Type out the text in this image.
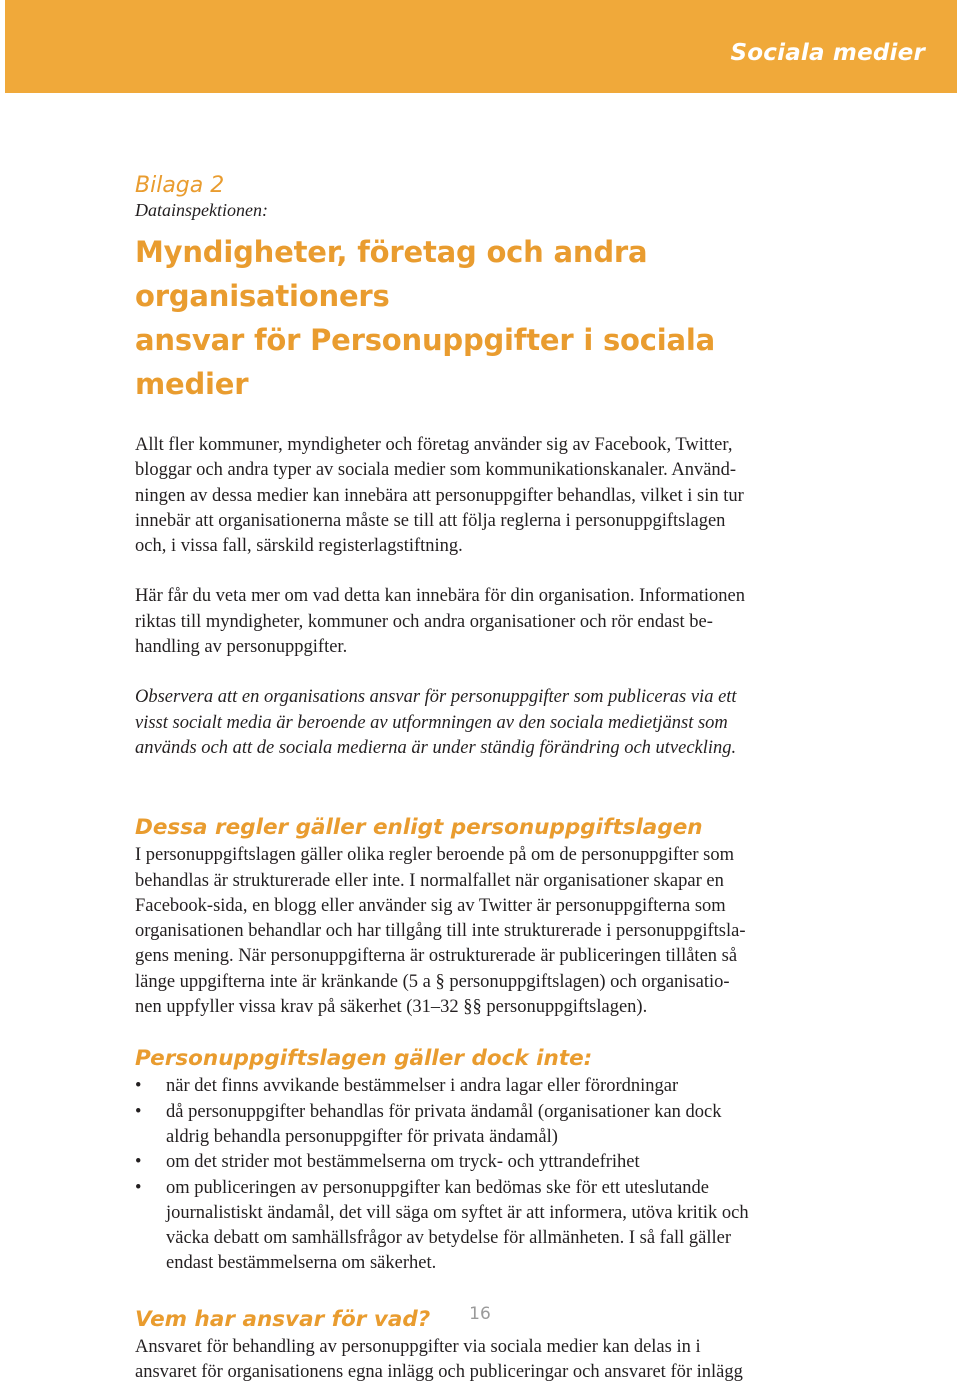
Sociala medier

Bilaga 2

Datainspektionen:

Myndigheter, företag och andra organisationers
ansvar för Personuppgifter i sociala medier

Allt fler kommuner, myndigheter och företag använder sig av Facebook, Twitter,
bloggar och andra typer av sociala medier som kommunikationskanaler. Använd-
ningen av dessa medier kan innebära att personuppgifter behandlas, vilket i sin tur
innebär att organisationerna måste se till att följa reglerna i personuppgiftslagen
och, i vissa fall, särskild registerlagstiftning.

Här får du veta mer om vad detta kan innebära för din organisation. Informationen
riktas till myndigheter, kommuner och andra organisationer och rör endast be-
handling av personuppgifter.

Observera att en organisations ansvar för personuppgifter som publiceras via ett
visst socialt media är beroende av utformningen av den sociala medietjänst som
används och att de sociala medierna är under ständig förändring och utveckling.

Dessa regler gäller enligt personuppgiftslagen

I personuppgiftslagen gäller olika regler beroende på om de personuppgifter som
behandlas är strukturerade eller inte. I normalfallet när organisationer skapar en
Facebook-sida, en blogg eller använder sig av Twitter är personuppgifterna som
organisationen behandlar och har tillgång till inte strukturerade i personuppgiftsla-
gens mening. När personuppgifterna är ostrukturerade är publiceringen tillåten så
länge uppgifterna inte är kränkande (5 a § personuppgiftslagen) och organisatio-
nen uppfyller vissa krav på säkerhet (31–32 §§ personuppgiftslagen).

Personuppgiftslagen gäller dock inte:
• när det finns avvikande bestämmelser i andra lagar eller förordningar
• då personuppgifter behandlas för privata ändamål (organisationer kan dock
aldrig behandla personuppgifter för privata ändamål)
• om det strider mot bestämmelserna om tryck- och yttrandefrihet
• om publiceringen av personuppgifter kan bedömas ske för ett uteslutande
journalistiskt ändamål, det vill säga om syftet är att informera, utöva kritik och
väcka debatt om samhällsfrågor av betydelse för allmänheten. I så fall gäller
endast bestämmelserna om säkerhet.
Vem har ansvar för vad?

Ansvaret för behandling av personuppgifter via sociala medier kan delas in i
ansvaret för organisationens egna inlägg och publiceringar och ansvaret för inlägg

16
